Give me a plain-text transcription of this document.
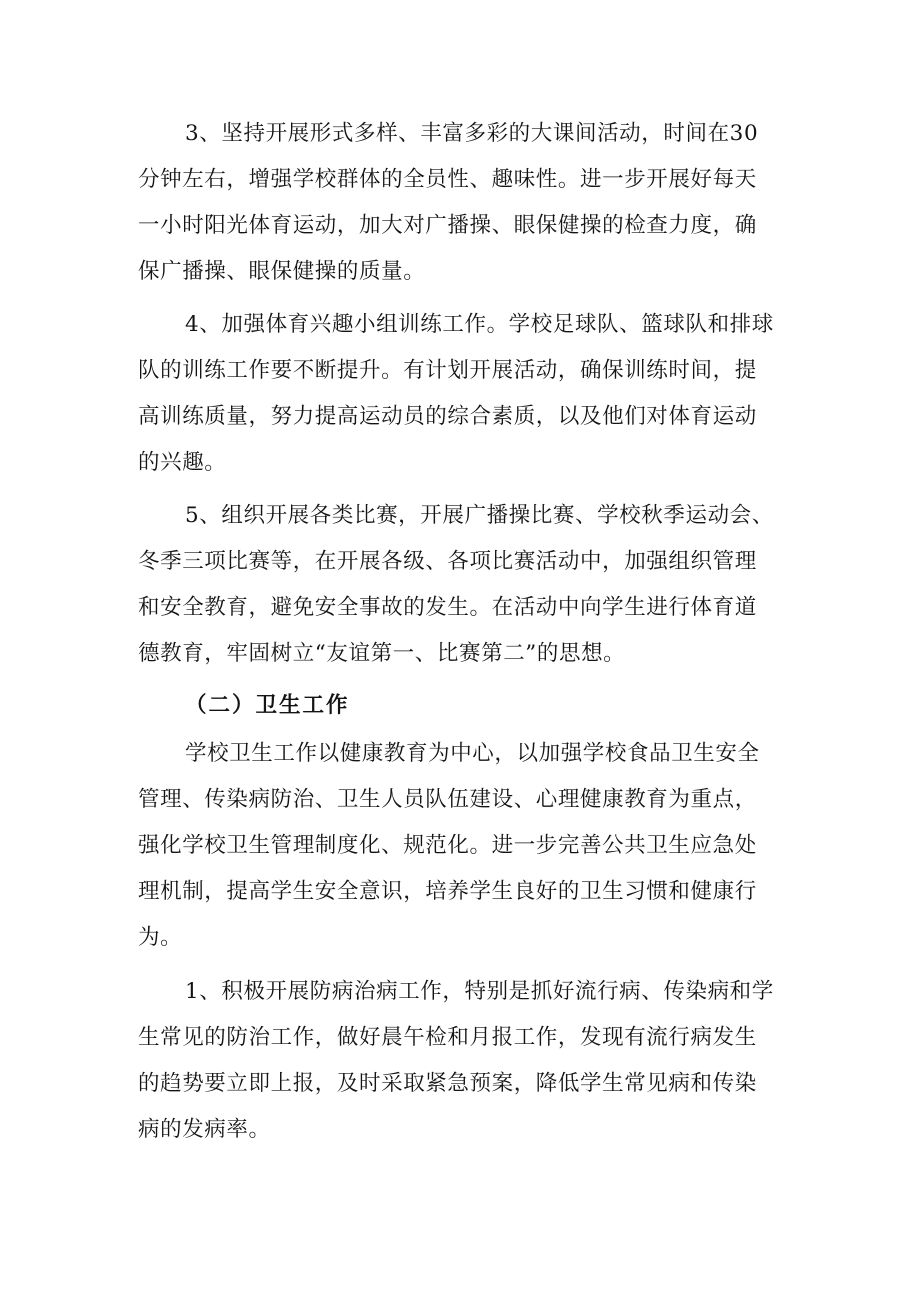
3、坚持开展形式多样、丰富多彩的大课间活动，时间在30
分钟左右，增强学校群体的全员性、趣味性。进一步开展好每天
一小时阳光体育运动，加大对广播操、眼保健操的检查力度，确
保广播操、眼保健操的质量。
4、加强体育兴趣小组训练工作。学校足球队、篮球队和排球
队的训练工作要不断提升。有计划开展活动，确保训练时间，提
高训练质量，努力提高运动员的综合素质，以及他们对体育运动
的兴趣。
5、组织开展各类比赛，开展广播操比赛、学校秋季运动会、
冬季三项比赛等，在开展各级、各项比赛活动中，加强组织管理
和安全教育，避免安全事故的发生。在活动中向学生进行体育道
德教育，牢固树立“友谊第一、比赛第二”的思想。
（二）卫生工作
学校卫生工作以健康教育为中心，以加强学校食品卫生安全
管理、传染病防治、卫生人员队伍建设、心理健康教育为重点，
强化学校卫生管理制度化、规范化。进一步完善公共卫生应急处
理机制，提高学生安全意识，培养学生良好的卫生习惯和健康行
为。
1、积极开展防病治病工作，特别是抓好流行病、传染病和学
生常见的防治工作，做好晨午检和月报工作，发现有流行病发生
的趋势要立即上报，及时采取紧急预案，降低学生常见病和传染
病的发病率。
